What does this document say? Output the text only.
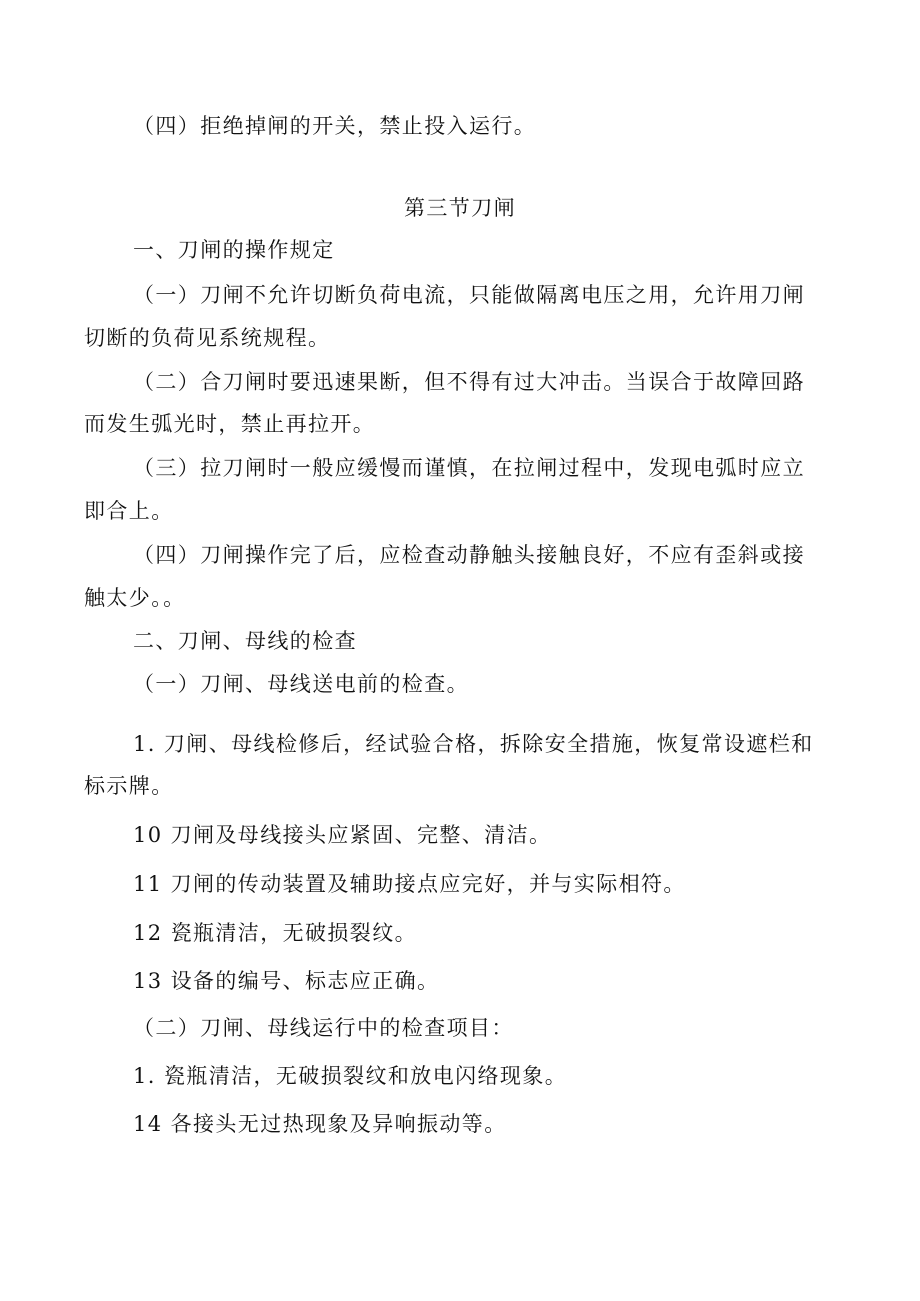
（四）拒绝掉闸的开关，禁止投入运行。
第三节刀闸
一、刀闸的操作规定
（一）刀闸不允许切断负荷电流，只能做隔离电压之用，允许用刀闸
切断的负荷见系统规程。
（二）合刀闸时要迅速果断，但不得有过大冲击。当误合于故障回路
而发生弧光时，禁止再拉开。
（三）拉刀闸时一般应缓慢而谨慎，在拉闸过程中，发现电弧时应立
即合上。
（四）刀闸操作完了后，应检查动静触头接触良好，不应有歪斜或接
触太少。。
二、刀闸、母线的检查
（一）刀闸、母线送电前的检查。
1. 刀闸、母线检修后，经试验合格，拆除安全措施，恢复常设遮栏和
标示牌。
10 刀闸及母线接头应紧固、完整、清洁。
11 刀闸的传动装置及辅助接点应完好，并与实际相符。
12 瓷瓶清洁，无破损裂纹。
13 设备的编号、标志应正确。
（二）刀闸、母线运行中的检查项目：
1. 瓷瓶清洁，无破损裂纹和放电闪络现象。
14 各接头无过热现象及异响振动等。
